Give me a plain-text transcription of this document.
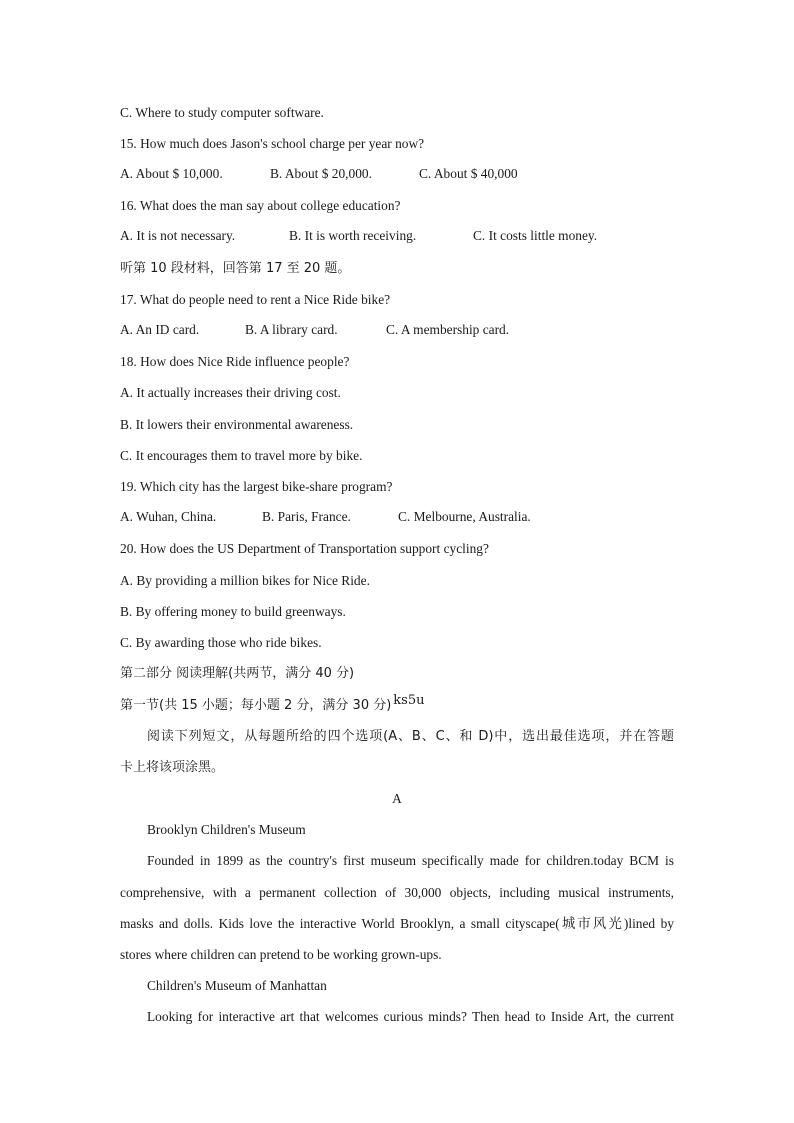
C. Where to study computer software.
15. How much does Jason's school charge per year now?
A. About $ 10,000.	B. About $ 20,000.	C. About $ 40,000
16. What does the man say about college education?
A. It is not necessary.	B. It is worth receiving.	C. It costs little money.
听第 10 段材料，回答第 17 至 20 题。
17. What do people need to rent a Nice Ride bike?
A. An ID card.	B. A library card.	C. A membership card.
18. How does Nice Ride influence people?
A. It actually increases their driving cost.
B. It lowers their environmental awareness.
C. It encourages them to travel more by bike.
19. Which city has the largest bike-share program?
A. Wuhan, China.	B. Paris, France.	C. Melbourne, Australia.
20. How does the US Department of Transportation support cycling?
A. By providing a million bikes for Nice Ride.
B. By offering money to build greenways.
C. By awarding those who ride bikes.
第二部分 阅读理解(共两节，满分 40 分)
第一节(共 15 小题；每小题 2 分，满分 30 分) ks5u
阅读下列短文，从每题所给的四个选项(A、B、C、和 D)中，选出最佳选项，并在答题
卡上将该项涂黑。
A
Brooklyn Children's Museum
Founded in 1899 as the country's first museum specifically made for children.today BCM is
comprehensive, with a permanent collection of 30,000 objects, including musical instruments,
masks and dolls. Kids love the interactive World Brooklyn, a small cityscape(城市风光)lined by
stores where children can pretend to be working grown-ups.
Children's Museum of Manhattan
Looking for interactive art that welcomes curious minds? Then head to Inside Art, the current
